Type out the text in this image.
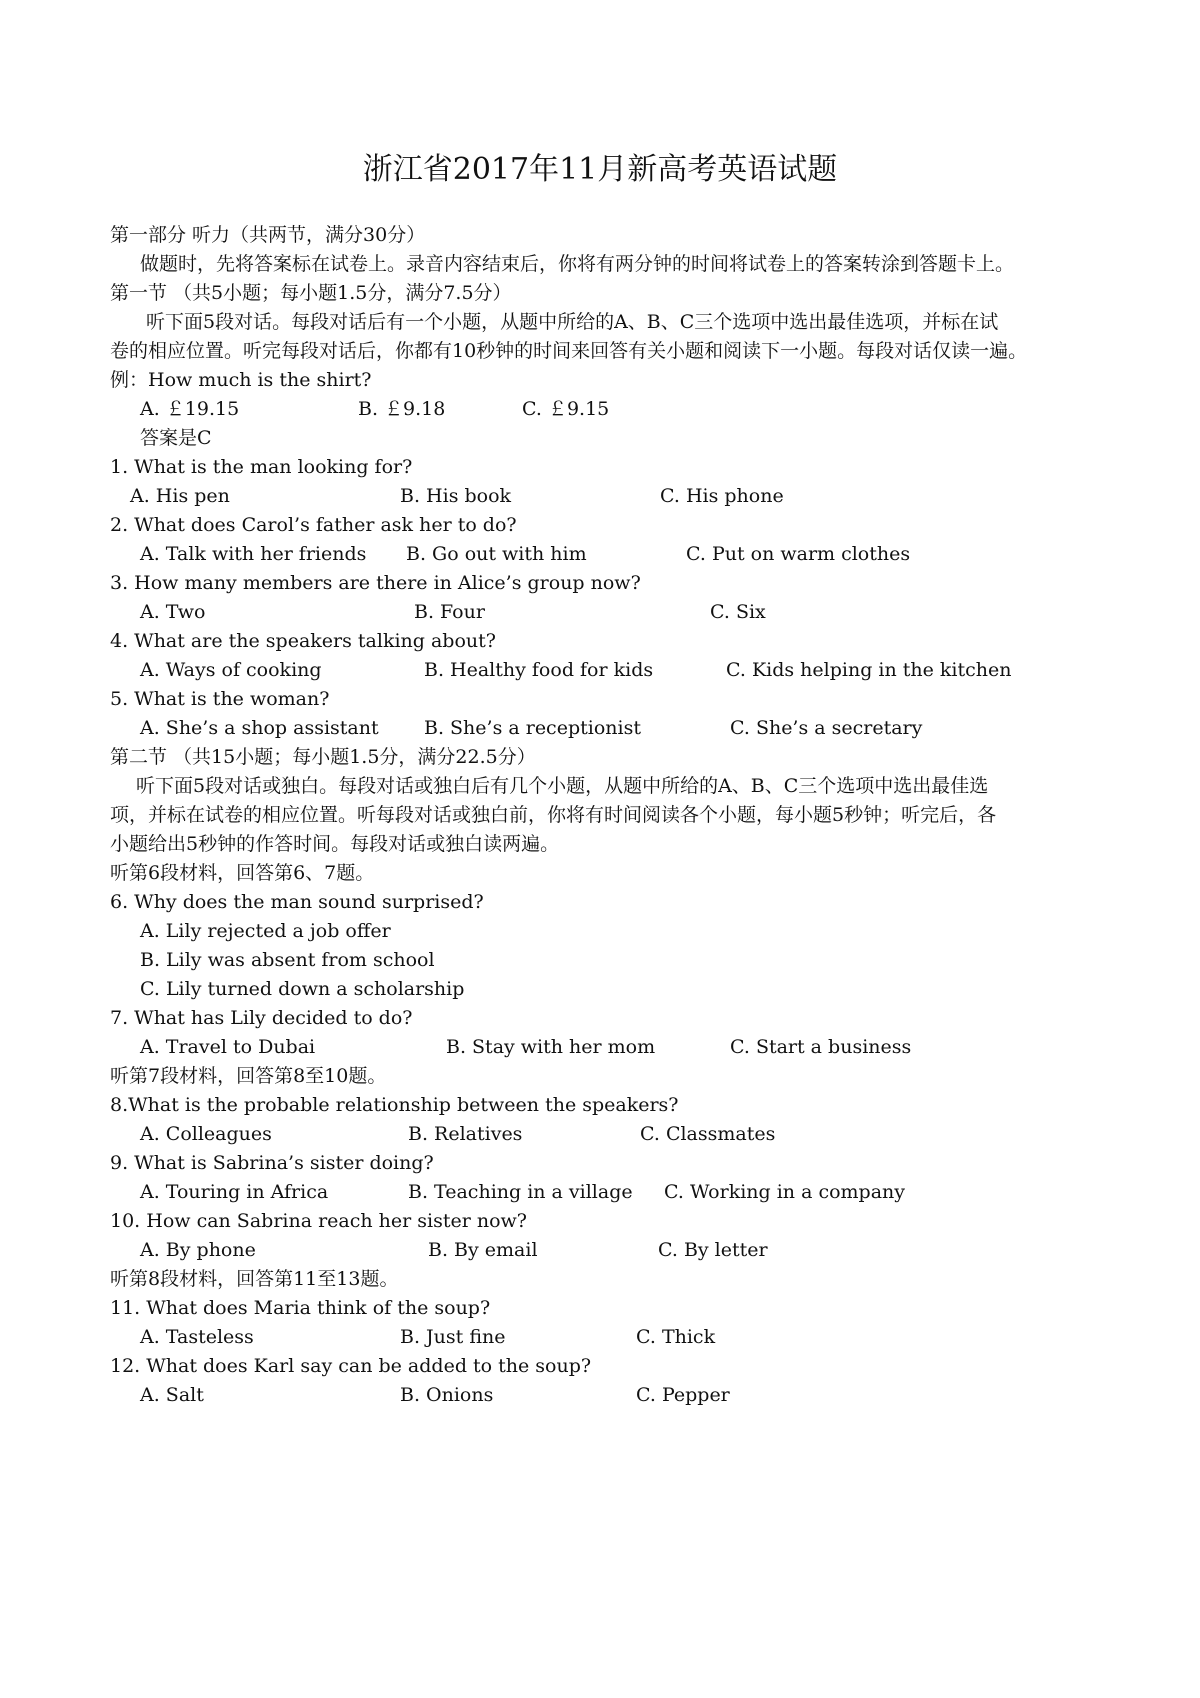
浙江省2017年11月新高考英语试题
第一部分 听力（共两节，满分30分）
做题时，先将答案标在试卷上。录音内容结束后，你将有两分钟的时间将试卷上的答案转涂到答题卡上。
第一节 （共5小题；每小题1.5分，满分7.5分）
听下面5段对话。每段对话后有一个小题，从题中所给的A、B、C三个选项中选出最佳选项，并标在试
卷的相应位置。听完每段对话后，你都有10秒钟的时间来回答有关小题和阅读下一小题。每段对话仅读一遍。
例：How much is the shirt?
A. ￡19.15	B. ￡9.18	C. ￡9.15
答案是C
1. What is the man looking for?
A. His pen	B. His book	C. His phone
2. What does Carol’s father ask her to do?
A. Talk with her friends B. Go out with him	C. Put on warm clothes
3. How many members are there in Alice’s group now?
A. Two	B. Four	C. Six
4. What are the speakers talking about?
A. Ways of cooking	B. Healthy food for kids	C. Kids helping in the kitchen
5. What is the woman?
A. She’s a shop assistant B. She’s a receptionist	C. She’s a secretary
第二节 （共15小题；每小题1.5分，满分22.5分）
听下面5段对话或独白。每段对话或独白后有几个小题，从题中所给的A、B、C三个选项中选出最佳选
项，并标在试卷的相应位置。听每段对话或独白前，你将有时间阅读各个小题，每小题5秒钟；听完后，各
小题给出5秒钟的作答时间。每段对话或独白读两遍。
听第6段材料，回答第6、7题。
6. Why does the man sound surprised?
A. Lily rejected a job offer
B. Lily was absent from school
C. Lily turned down a scholarship
7. What has Lily decided to do?
A. Travel to Dubai	B. Stay with her mom	C. Start a business
听第7段材料，回答第8至10题。
8.What is the probable relationship between the speakers?
A. Colleagues	B. Relatives	C. Classmates
9. What is Sabrina’s sister doing?
A. Touring in Africa	B. Teaching in a village C. Working in a company
10. How can Sabrina reach her sister now?
A. By phone	B. By email	C. By letter
听第8段材料，回答第11至13题。
11. What does Maria think of the soup?
A. Tasteless	B. Just fine	C. Thick
12. What does Karl say can be added to the soup?
A. Salt	B. Onions	C. Pepper
